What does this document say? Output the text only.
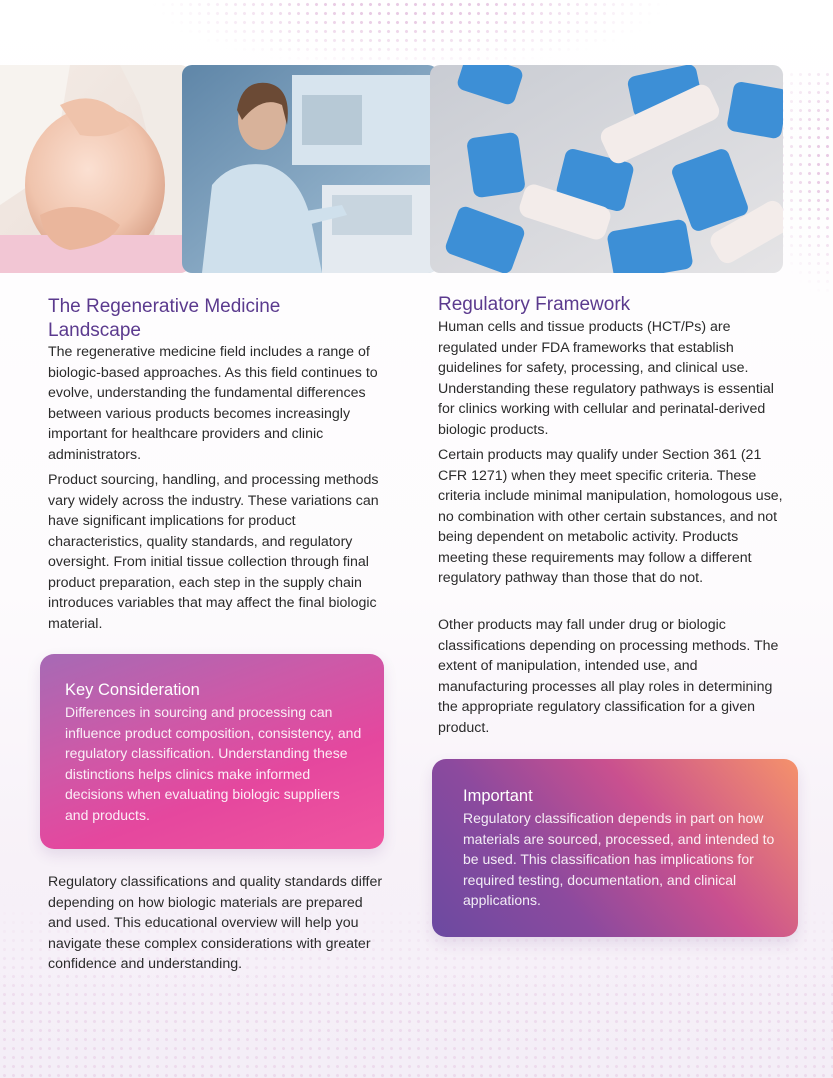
The Regenerative Medicine Landscape

The regenerative medicine field includes a range of biologic-based approaches. As this field continues to evolve, understanding the fundamental differences between various products becomes increasingly important for healthcare providers and clinic administrators.

Product sourcing, handling, and processing methods vary widely across the industry. These variations can have significant implications for product characteristics, quality standards, and regulatory oversight. From initial tissue collection through final product preparation, each step in the supply chain introduces variables that may affect the final biologic material.

Key Consideration

Differences in sourcing and processing can influence product composition, consistency, and regulatory classification. Understanding these distinctions helps clinics make informed decisions when evaluating biologic suppliers and products.

Regulatory classifications and quality standards differ depending on how biologic materials are prepared and used. This educational overview will help you navigate these complex considerations with greater confidence and understanding.

Regulatory Framework

Human cells and tissue products (HCT/Ps) are regulated under FDA frameworks that establish guidelines for safety, processing, and clinical use. Understanding these regulatory pathways is essential for clinics working with cellular and perinatal-derived biologic products.

Certain products may qualify under Section 361 (21 CFR 1271) when they meet specific criteria. These criteria include minimal manipulation, homologous use, no combination with other certain substances, and not being dependent on metabolic activity. Products meeting these requirements may follow a different regulatory pathway than those that do not.

Other products may fall under drug or biologic classifications depending on processing methods. The extent of manipulation, intended use, and manufacturing processes all play roles in determining the appropriate regulatory classification for a given product.

Important

Regulatory classification depends in part on how materials are sourced, processed, and intended to be used. This classification has implications for required testing, documentation, and clinical applications.
